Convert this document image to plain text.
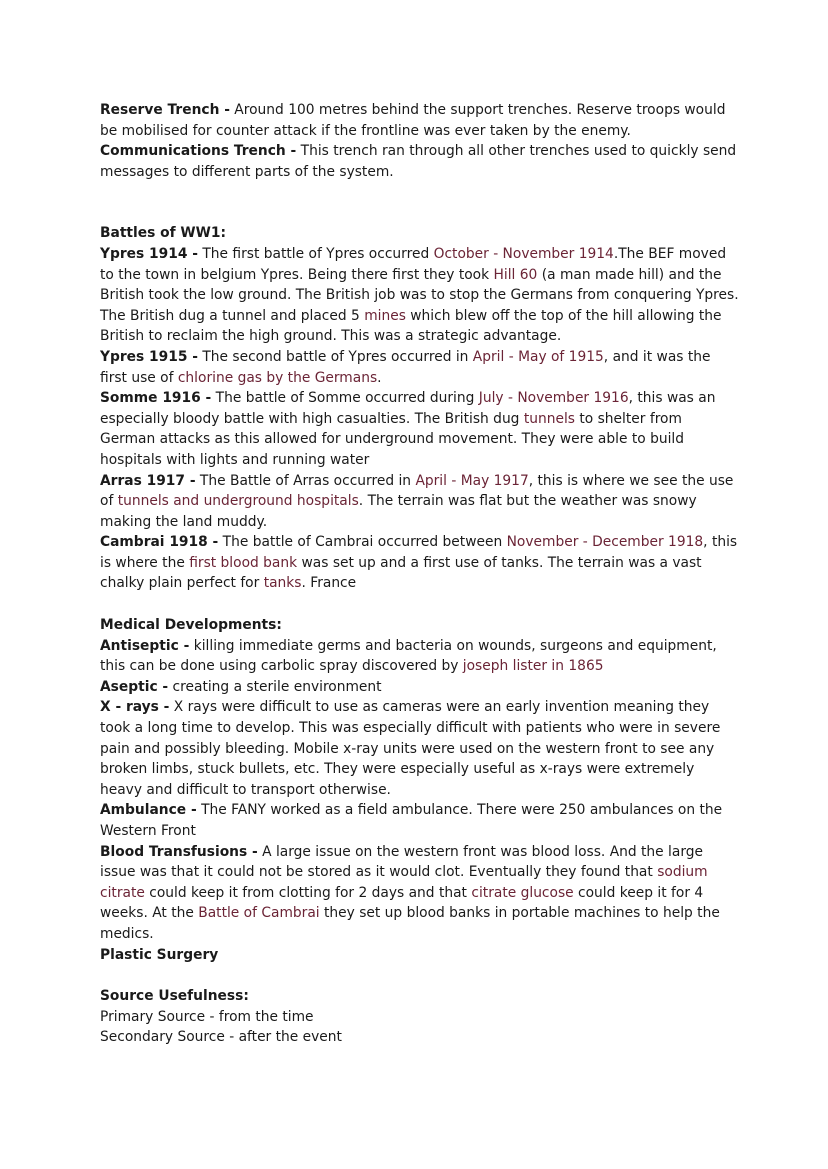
Reserve Trench - Around 100 metres behind the support trenches. Reserve troops would be mobilised for counter attack if the frontline was ever taken by the enemy.

Communications Trench - This trench ran through all other trenches used to quickly send messages to different parts of the system.

Battles of WW1:

Ypres 1914 - The first battle of Ypres occurred October - November 1914.The BEF moved to the town in belgium Ypres. Being there first they took Hill 60 (a man made hill) and the British took the low ground. The British job was to stop the Germans from conquering Ypres. The British dug a tunnel and placed 5 mines which blew off the top of the hill allowing the British to reclaim the high ground. This was a strategic advantage.

Ypres 1915 - The second battle of Ypres occurred in April - May of 1915, and it was the first use of chlorine gas by the Germans.

Somme 1916 - The battle of Somme occurred during July - November 1916, this was an especially bloody battle with high casualties. The British dug tunnels to shelter from German attacks as this allowed for underground movement. They were able to build hospitals with lights and running water

Arras 1917 - The Battle of Arras occurred in April - May 1917, this is where we see the use of tunnels and underground hospitals. The terrain was flat but the weather was snowy making the land muddy.

Cambrai 1918 - The battle of Cambrai occurred between November - December 1918, this is where the first blood bank was set up and a first use of tanks. The terrain was a vast chalky plain perfect for tanks. France

Medical Developments:

Antiseptic - killing immediate germs and bacteria on wounds, surgeons and equipment, this can be done using carbolic spray discovered by joseph lister in 1865

Aseptic - creating a sterile environment

X - rays - X rays were difficult to use as cameras were an early invention meaning they took a long time to develop. This was especially difficult with patients who were in severe pain and possibly bleeding. Mobile x-ray units were used on the western front to see any broken limbs, stuck bullets, etc. They were especially useful as x-rays were extremely heavy and difficult to transport otherwise.

Ambulance - The FANY worked as a field ambulance. There were 250 ambulances on the Western Front

Blood Transfusions - A large issue on the western front was blood loss. And the large issue was that it could not be stored as it would clot. Eventually they found that sodium citrate could keep it from clotting for 2 days and that citrate glucose could keep it for 4 weeks. At the Battle of Cambrai they set up blood banks in portable machines to help the medics.

Plastic Surgery

Source Usefulness:

Primary Source - from the time

Secondary Source - after the event
